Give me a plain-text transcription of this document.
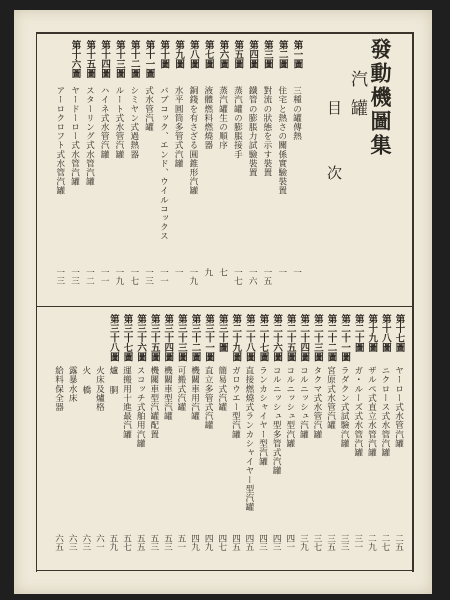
發動機圖集
汽罐
目 次
第一圖
三種の罐傳熱
一
第二圖
住宅と熱さの關係實驗裝置
一
第三圖
對流の狀態を示す裝置
一五
第四圖
鐵管の膨脹力試驗裝置
一六
第五圖
蒸汽罐の膨脹接手
一七
第六圖
蒸汽罐生の順序
七
第七圖
液體燃料燃燒器
九
第八圖
銅錢を有さざる圓錐形汽罐
一九
第九圖
水平圓筒多管式汽罐
一
第十圖
バブコック、エンド、ウイルコックス
一一
第十一圖
式水管汽罐
一三
第十二圖
シミヤン式過熱器
一七
第十三圖
ルート式水管汽罐
一九
第十四圖
ハイネ式水管汽罐
一一
第十五圖
スターリング式水管汽罐
一二
第十六圖
ヤードーロー式水管汽罐
一三
アーロクロフト式水管汽罐
一三
第十七圖
ヤーロー式水管汽罐
二五
第十八圖
ニクロース式水管汽罐
二七
第十九圖
ザルペ式直立水管汽罐
二九
第二十圖
ガ・ルーズ式水管汽罐
三一
第二十一圖
ラダクン式試驗汽罐
三三
第二十二圖
宮原式水管汽罐
三五
第二十三圖
タクマ式水管汽罐
三七
第二十四圖
コルニッシュ汽罐
三九
第二十五圖
コルニッシュ型汽罐
四一
第二十六圖
コルニッシュ型多管式汽罐
四三
第二十七圖
ランカシャイヤー型汽罐
四三
第二十八圖
直接燃燒式ランカシャイヤー型汽罐
四五
第二十九圖
ガロウエー型汽罐
四五
第三十圖
簡易式汽罐
四七
第三十一圖
直立多管式汽罐
四九
第三十二圖
機關車用汽罐
四九
第三十三圖
可搬式汽罐
五一
第三十四圖
機關車型汽罐
五三
第三十五圖
機關車型汽罐配置
五三
第三十六圖
スコッチ式舶用汽罐
五五
第三十七圖
運搬用十進最汽罐
五七
第三十八圖
爐 胴
五九
火床及爐格
六一
火 橋
六三
露暴水床
六三
給料保全器
六五
